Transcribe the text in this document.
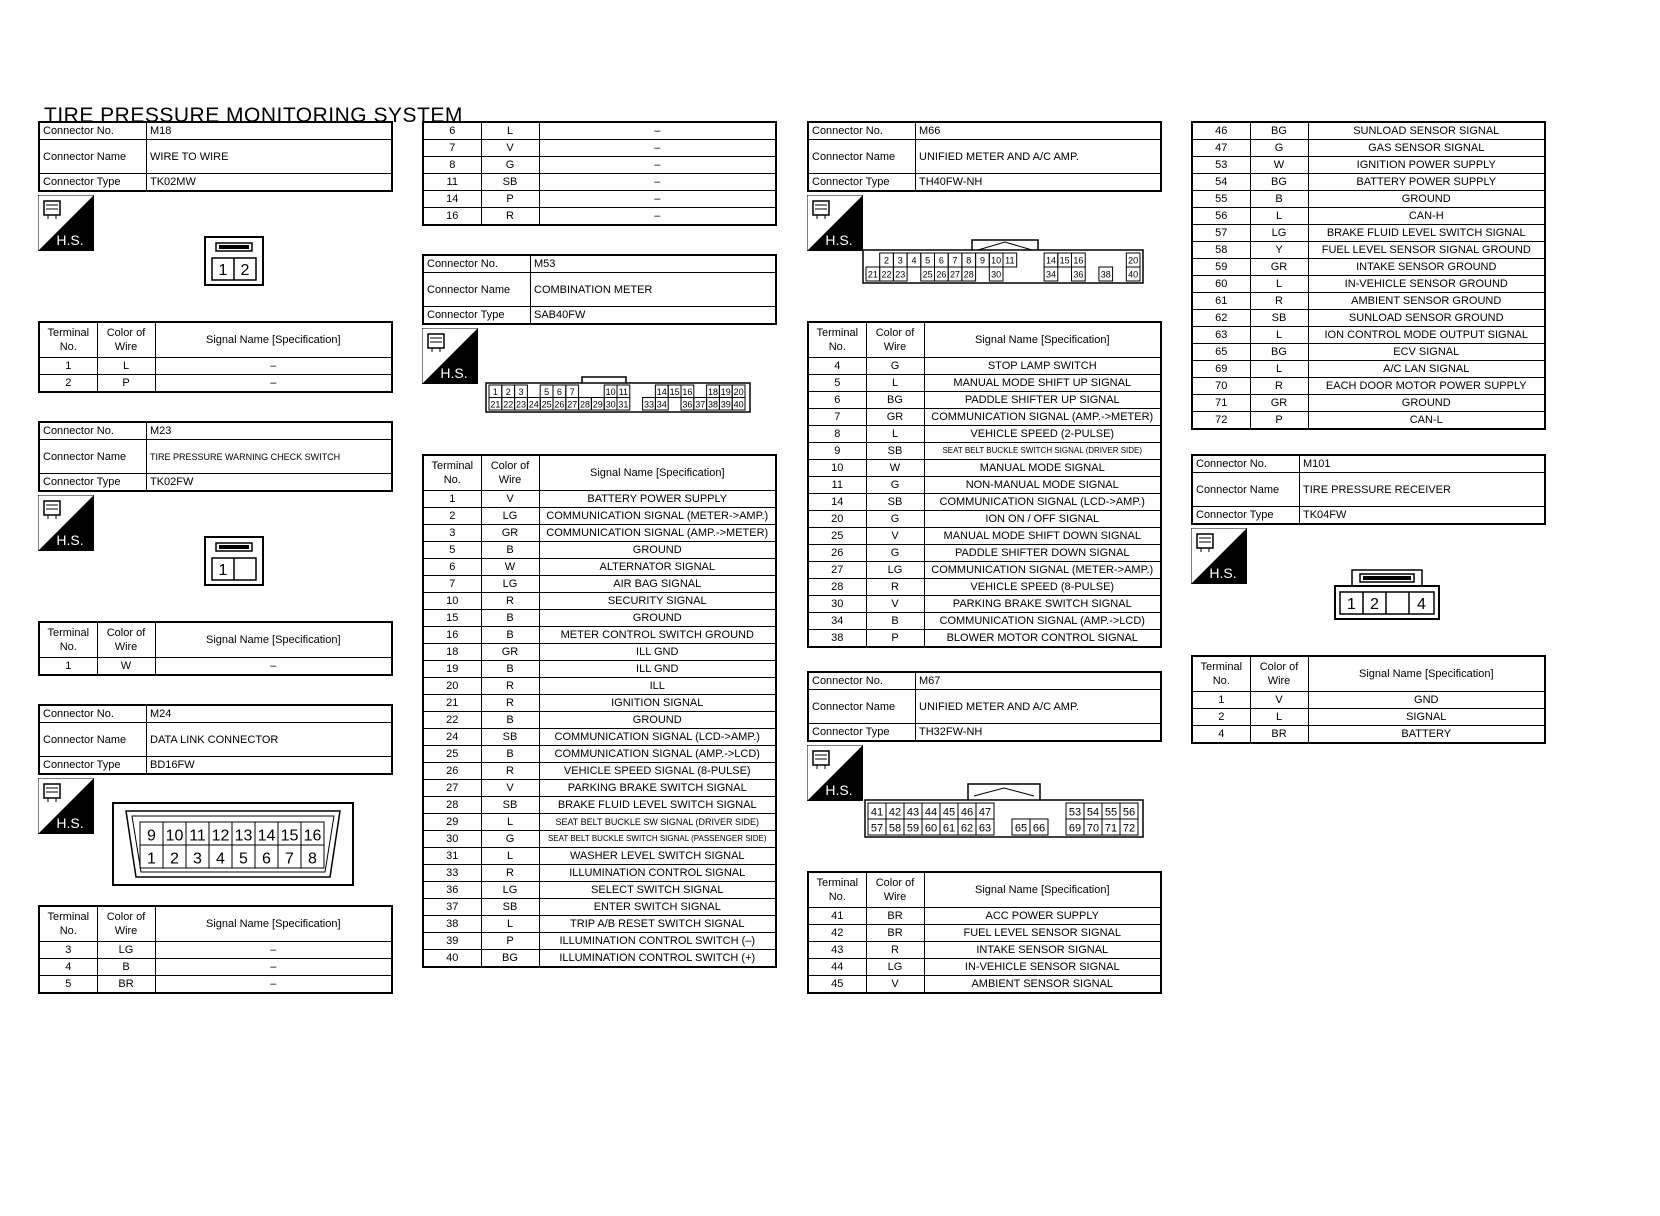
TIRE PRESSURE MONITORING SYSTEM
Connector No.	M18
Connector Name	WIRE TO WIRE
Connector Type	TK02MW
H.S.
1 2
Terminal No.	Color of Wire	Signal Name [Specification]
1	L	–
2	P	–
Connector No.	M23
Connector Name	TIRE PRESSURE WARNING CHECK SWITCH
Connector Type	TK02FW
H.S.
1
Terminal No.	Color of Wire	Signal Name [Specification]
1	W	–
Connector No.	M24
Connector Name	DATA LINK CONNECTOR
Connector Type	BD16FW
H.S.
9 10 11 12 13 14 15 16
1 2 3 4 5 6 7 8
Terminal No.	Color of Wire	Signal Name [Specification]
3	LG	–
4	B	–
5	BR	–
6	L	–
7	V	–
8	G	–
11	SB	–
14	P	–
16	R	–
Connector No.	M53
Connector Name	COMBINATION METER
Connector Type	SAB40FW
H.S.
1 2 3 5 6 7	10 11	14 15 16 18 19 20
21 22 23 24 25 26 27 28 29 30 31 33 34 36 37 38 39 40
Terminal No.	Color of Wire	Signal Name [Specification]
1	V	BATTERY POWER SUPPLY
2	LG	COMMUNICATION SIGNAL (METER->AMP.)
3	GR	COMMUNICATION SIGNAL (AMP.->METER)
5	B	GROUND
6	W	ALTERNATOR SIGNAL
7	LG	AIR BAG SIGNAL
10	R	SECURITY SIGNAL
15	B	GROUND
16	B	METER CONTROL SWITCH GROUND
18	GR	ILL GND
19	B	ILL GND
20	R	ILL
21	R	IGNITION SIGNAL
22	B	GROUND
24	SB	COMMUNICATION SIGNAL (LCD->AMP.)
25	B	COMMUNICATION SIGNAL (AMP.->LCD)
26	R	VEHICLE SPEED SIGNAL (8-PULSE)
27	V	PARKING BRAKE SWITCH SIGNAL
28	SB	BRAKE FLUID LEVEL SWITCH SIGNAL
29	L	SEAT BELT BUCKLE SW SIGNAL (DRIVER SIDE)
30	G	SEAT BELT BUCKLE SWITCH SIGNAL (PASSENGER SIDE)
31	L	WASHER LEVEL SWITCH SIGNAL
33	R	ILLUMINATION CONTROL SIGNAL
36	LG	SELECT SWITCH SIGNAL
37	SB	ENTER SWITCH SIGNAL
38	L	TRIP A/B RESET SWITCH SIGNAL
39	P	ILLUMINATION CONTROL SWITCH (–)
40	BG	ILLUMINATION CONTROL SWITCH (+)
Connector No.	M66
Connector Name	UNIFIED METER AND A/C AMP.
Connector Type	TH40FW-NH
H.S.
2 3 4 5 6 7 8 9 10 11	14 15 16	20
21 22 23 25 26 27 28 30	34 36 38 40
Terminal No.	Color of Wire	Signal Name [Specification]
4	G	STOP LAMP SWITCH
5	L	MANUAL MODE SHIFT UP SIGNAL
6	BG	PADDLE SHIFTER UP SIGNAL
7	GR	COMMUNICATION SIGNAL (AMP.->METER)
8	L	VEHICLE SPEED (2-PULSE)
9	SB	SEAT BELT BUCKLE SWITCH SIGNAL (DRIVER SIDE)
10	W	MANUAL MODE SIGNAL
11	G	NON-MANUAL MODE SIGNAL
14	SB	COMMUNICATION SIGNAL (LCD->AMP.)
20	G	ION ON / OFF SIGNAL
25	V	MANUAL MODE SHIFT DOWN SIGNAL
26	G	PADDLE SHIFTER DOWN SIGNAL
27	LG	COMMUNICATION SIGNAL (METER->AMP.)
28	R	VEHICLE SPEED (8-PULSE)
30	V	PARKING BRAKE SWITCH SIGNAL
34	B	COMMUNICATION SIGNAL (AMP.->LCD)
38	P	BLOWER MOTOR CONTROL SIGNAL
Connector No.	M67
Connector Name	UNIFIED METER AND A/C AMP.
Connector Type	TH32FW-NH
H.S.
41 42 43 44 45 46 47	53 54 55 56
57 58 59 60 61 62 63 65 66 69 70 71 72
Terminal No.	Color of Wire	Signal Name [Specification]
41	BR	ACC POWER SUPPLY
42	BR	FUEL LEVEL SENSOR SIGNAL
43	R	INTAKE SENSOR SIGNAL
44	LG	IN-VEHICLE SENSOR SIGNAL
45	V	AMBIENT SENSOR SIGNAL
46	BG	SUNLOAD SENSOR SIGNAL
47	G	GAS SENSOR SIGNAL
53	W	IGNITION POWER SUPPLY
54	BG	BATTERY POWER SUPPLY
55	B	GROUND
56	L	CAN-H
57	LG	BRAKE FLUID LEVEL SWITCH SIGNAL
58	Y	FUEL LEVEL SENSOR SIGNAL GROUND
59	GR	INTAKE SENSOR GROUND
60	L	IN-VEHICLE SENSOR GROUND
61	R	AMBIENT SENSOR GROUND
62	SB	SUNLOAD SENSOR GROUND
63	L	ION CONTROL MODE OUTPUT SIGNAL
65	BG	ECV SIGNAL
69	L	A/C LAN SIGNAL
70	R	EACH DOOR MOTOR POWER SUPPLY
71	GR	GROUND
72	P	CAN-L
Connector No.	M101
Connector Name	TIRE PRESSURE RECEIVER
Connector Type	TK04FW
H.S.
1 2 4
Terminal No.	Color of Wire	Signal Name [Specification]
1	V	GND
2	L	SIGNAL
4	BR	BATTERY
